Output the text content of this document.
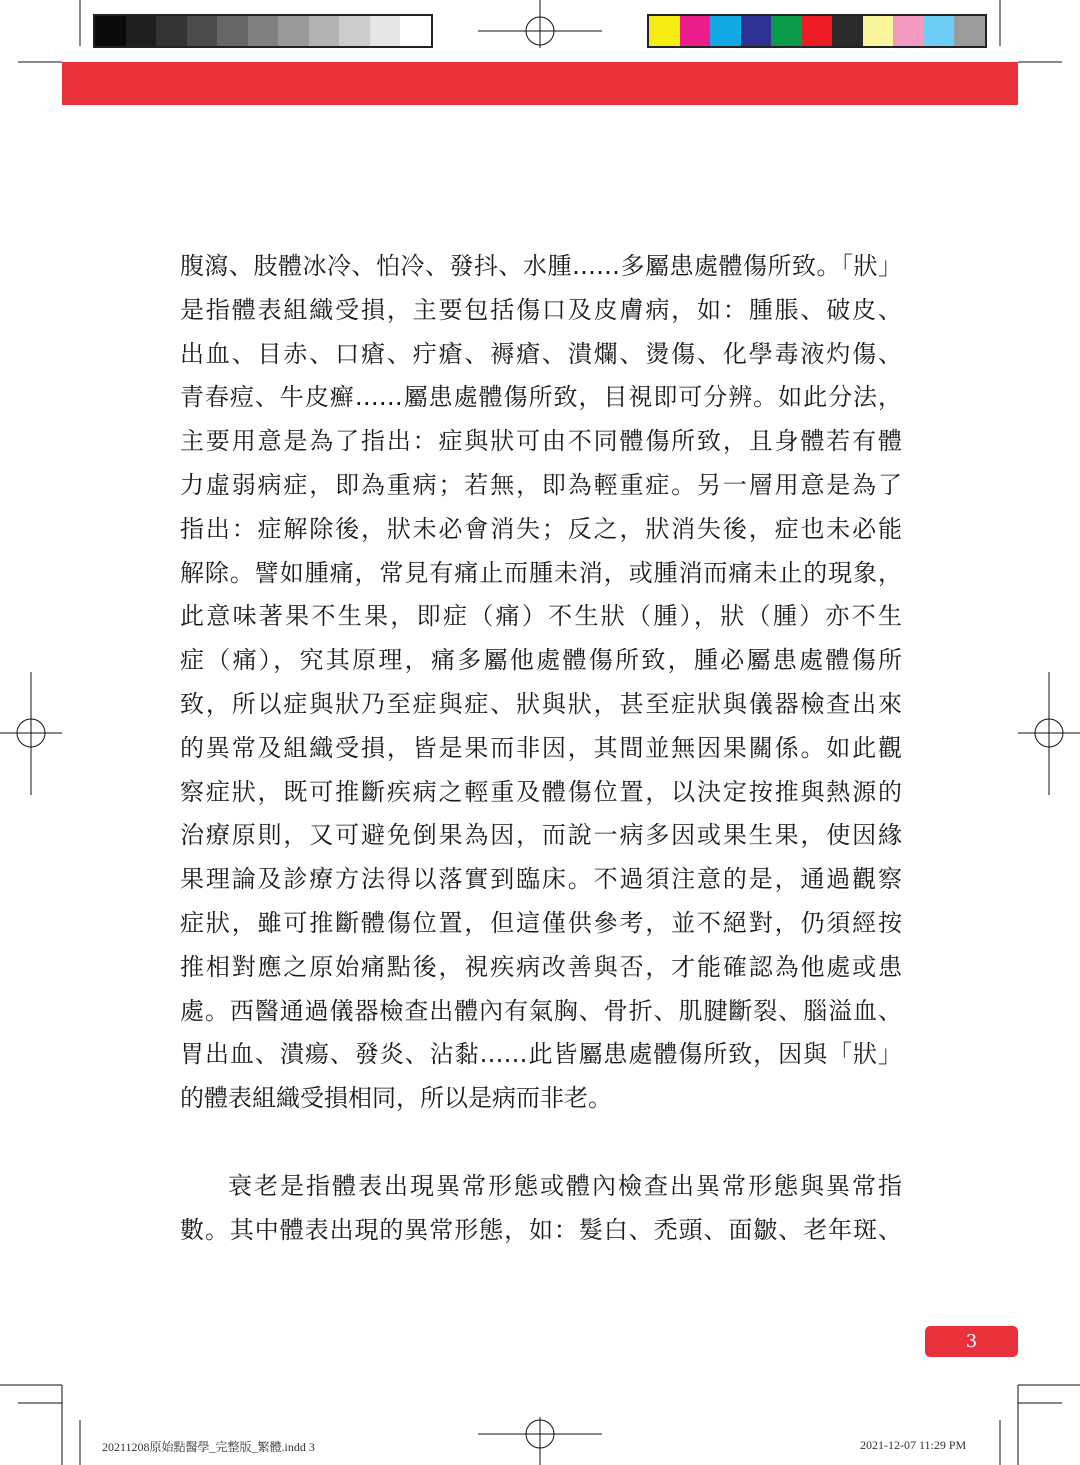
腹瀉、肢體冰冷、怕冷、發抖、水腫……多屬患處體傷所致。「狀」
是指體表組織受損，主要包括傷口及皮膚病，如：腫脹、破皮、
出血、目赤、口瘡、疔瘡、褥瘡、潰爛、燙傷、化學毒液灼傷、
青春痘、牛皮癬……屬患處體傷所致，目視即可分辨。如此分法，
主要用意是為了指出：症與狀可由不同體傷所致，且身體若有體
力虛弱病症，即為重病；若無，即為輕重症。另一層用意是為了
指出：症解除後，狀未必會消失；反之，狀消失後，症也未必能
解除。譬如腫痛，常見有痛止而腫未消，或腫消而痛未止的現象，
此意味著果不生果，即症（痛）不生狀（腫），狀（腫）亦不生
症（痛），究其原理，痛多屬他處體傷所致，腫必屬患處體傷所
致，所以症與狀乃至症與症、狀與狀，甚至症狀與儀器檢查出來
的異常及組織受損，皆是果而非因，其間並無因果關係。如此觀
察症狀，既可推斷疾病之輕重及體傷位置，以決定按推與熱源的
治療原則，又可避免倒果為因，而說一病多因或果生果，使因緣
果理論及診療方法得以落實到臨床。不過須注意的是，通過觀察
症狀，雖可推斷體傷位置，但這僅供參考，並不絕對，仍須經按
推相對應之原始痛點後，視疾病改善與否，才能確認為他處或患
處。西醫通過儀器檢查出體內有氣胸、骨折、肌腱斷裂、腦溢血、
胃出血、潰瘍、發炎、沾黏……此皆屬患處體傷所致，因與「狀」
的體表組織受損相同，所以是病而非老。
衰老是指體表出現異常形態或體內檢查出異常形態與異常指
數。其中體表出現的異常形態，如：髮白、禿頭、面皺、老年斑、
3
20211208原始點醫學_完整版_繁體.indd 3	2021-12-07 11:29 PM
